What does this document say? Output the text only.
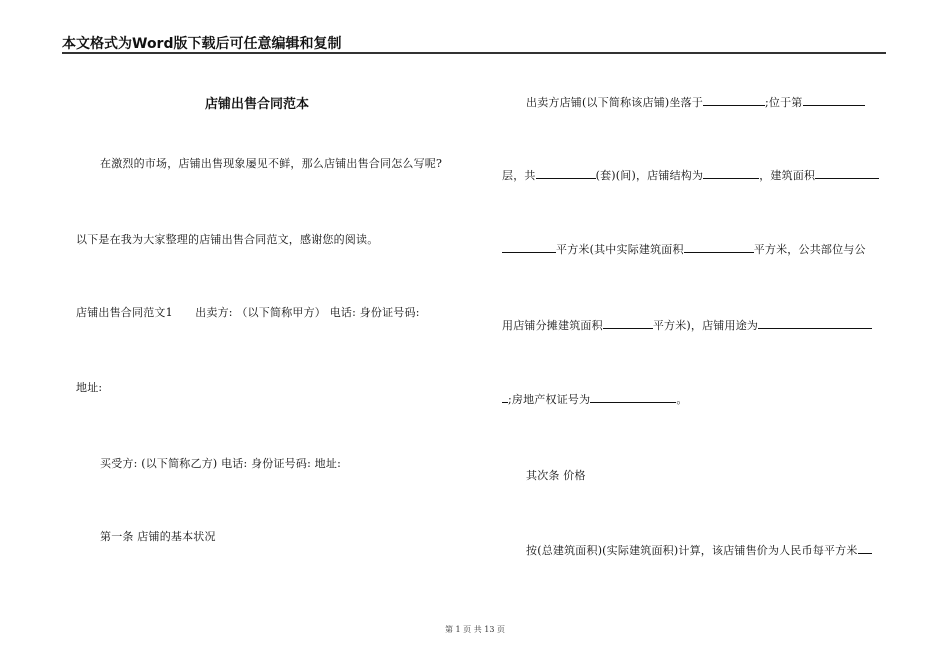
本文格式为Word版下载后可任意编辑和复制
店铺出售合同范本
在激烈的市场，店铺出售现象屡见不鲜，那么店铺出售合同怎么写呢?
以下是在我为大家整理的店铺出售合同范文，感谢您的阅读。
店铺出售合同范文1　　出卖方: （以下简称甲方） 电话: 身份证号码:
地址:
买受方: (以下简称乙方) 电话: 身份证号码: 地址:
第一条 店铺的基本状况
出卖方店铺(以下简称该店铺)坐落于	;位于第
层，共	(套)(间)，店铺结构为	，建筑面积
平方米(其中实际建筑面积	平方米，公共部位与公
用店铺分摊建筑面积	平方米)，店铺用途为
;房地产权证号为	。
其次条 价格
按(总建筑面积)(实际建筑面积)计算，该店铺售价为人民币每平方米
第 1 页 共 13 页
